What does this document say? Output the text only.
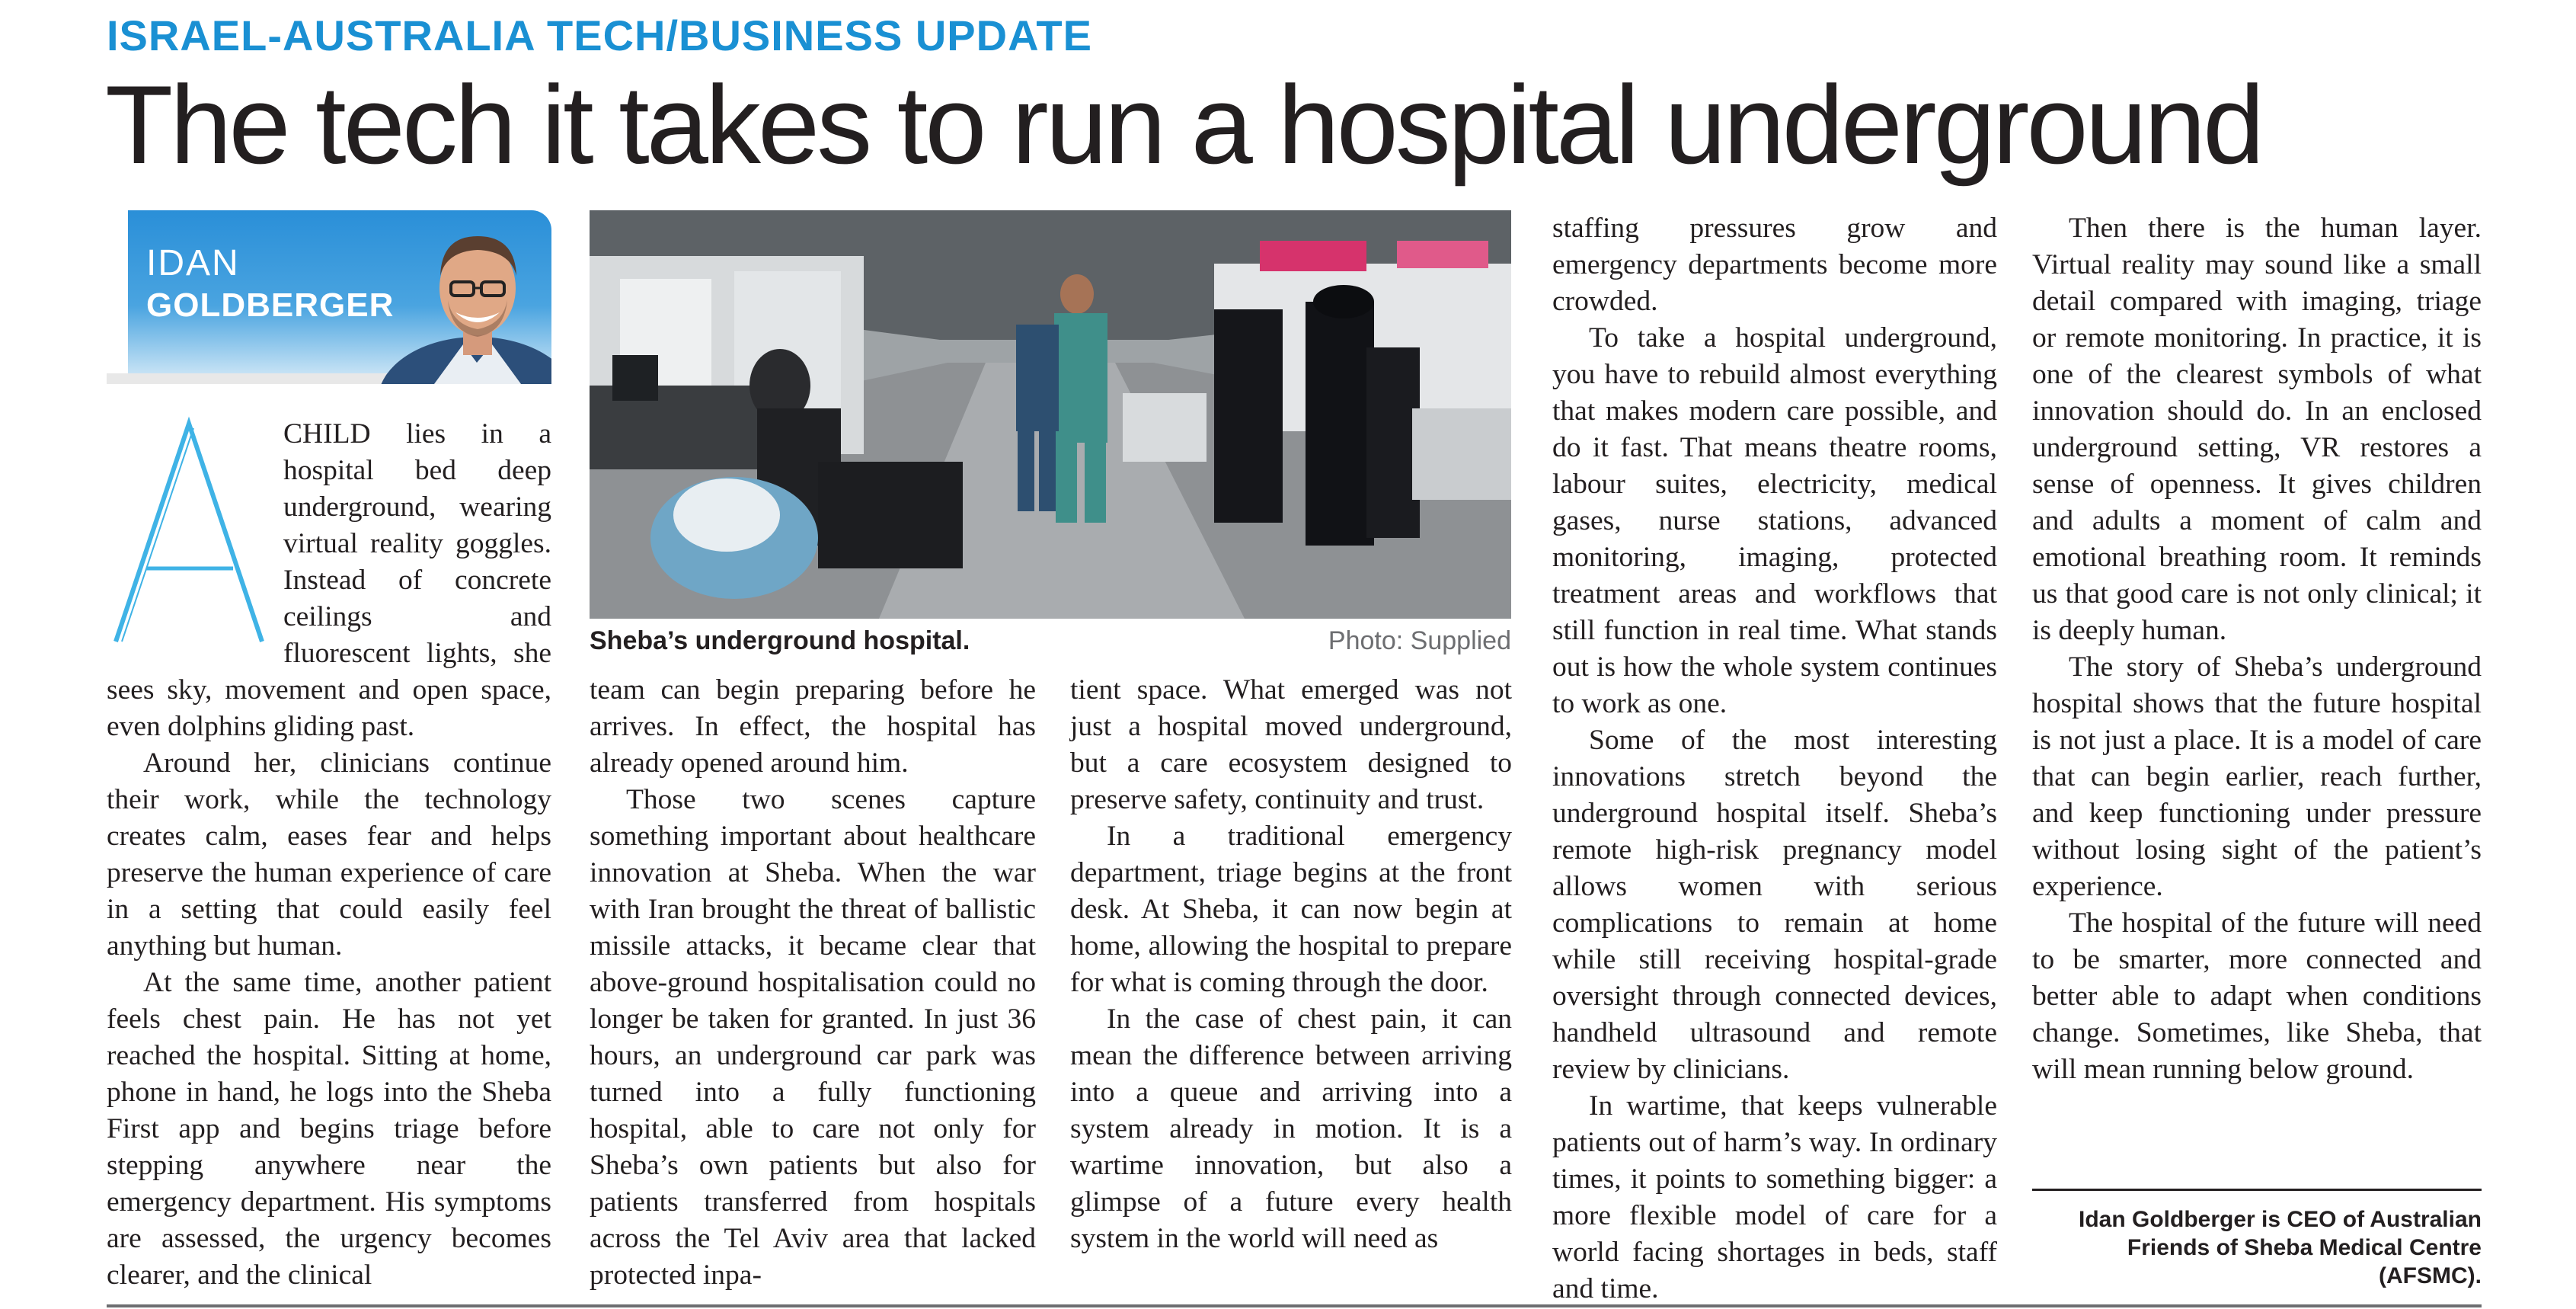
ISRAEL-AUSTRALIA TECH/BUSINESS UPDATE
The tech it takes to run a hospital underground
IDAN
GOLDBERGER
A
Sheba’s underground hospital.	Photo: Supplied

CHILD lies in a hospital bed deep underground, wearing virtual reality goggles. Instead of concrete ceilings and fluorescent lights, she sees sky, movement and open space, even dolphins gliding past.

Around her, clinicians continue their work, while the technology creates calm, eases fear and helps preserve the human experience of care in a setting that could easily feel anything but human.

At the same time, another patient feels chest pain. He has not yet reached the hospital. Sitting at home, phone in hand, he logs into the Sheba First app and begins triage before stepping anywhere near the emergency department. His symptoms are assessed, the urgency becomes clearer, and the clinical

team can begin preparing before he arrives. In effect, the hospital has already opened around him.

Those two scenes capture something important about healthcare innovation at Sheba. When the war with Iran brought the threat of ballistic missile attacks, it became clear that above-ground hospitalisation could no longer be taken for granted. In just 36 hours, an underground car park was turned into a fully functioning hospital, able to care not only for Sheba’s own patients but also for patients transferred from hospitals across the Tel Aviv area that lacked protected inpa-

tient space. What emerged was not just a hospital moved underground, but a care ecosystem designed to preserve safety, continuity and trust.

In a traditional emergency department, triage begins at the front desk. At Sheba, it can now begin at home, allowing the hospital to prepare for what is coming through the door.

In the case of chest pain, it can mean the difference between arriving into a queue and arriving into a system already in motion. It is a wartime innovation, but also a glimpse of a future every health system in the world will need as

staffing pressures grow and emergency departments become more crowded.

To take a hospital underground, you have to rebuild almost everything that makes modern care possible, and do it fast. That means theatre rooms, labour suites, electricity, medical gases, nurse stations, advanced monitoring, imaging, protected treatment areas and workflows that still function in real time. What stands out is how the whole system continues to work as one.

Some of the most interesting innovations stretch beyond the underground hospital itself. Sheba’s remote high-risk pregnancy model allows women with serious complications to remain at home while still receiving hospital-grade oversight through connected devices, handheld ultrasound and remote review by clinicians.

In wartime, that keeps vulnerable patients out of harm’s way. In ordinary times, it points to something bigger: a more flexible model of care for a world facing shortages in beds, staff and time.

Then there is the human layer. Virtual reality may sound like a small detail compared with imaging, triage or remote monitoring. In practice, it is one of the clearest symbols of what innovation should do. In an enclosed underground setting, VR restores a sense of openness. It gives children and adults a moment of calm and emotional breathing room. It reminds us that good care is not only clinical; it is deeply human.

The story of Sheba’s underground hospital shows that the future hospital is not just a place. It is a model of care that can begin earlier, reach further, and keep functioning under pressure without losing sight of the patient’s experience.

The hospital of the future will need to be smarter, more connected and better able to adapt when conditions change. Sometimes, like Sheba, that will mean running below ground.

Idan Goldberger is CEO of Australian Friends of Sheba Medical Centre (AFSMC).
